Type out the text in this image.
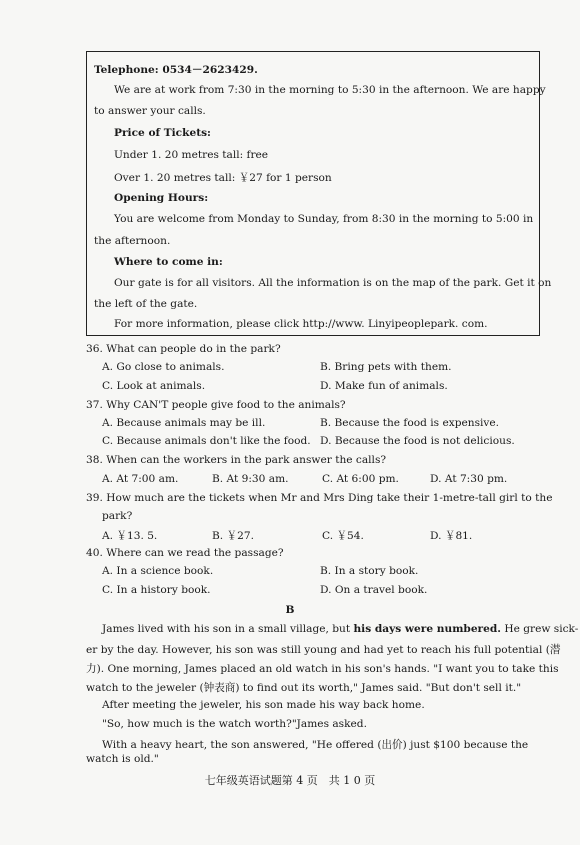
Telephone: 0534－2623429.
We are at work from 7:30 in the morning to 5:30 in the afternoon. We are happy
to answer your calls.
Price of Tickets:
Under 1. 20 metres tall: free
Over 1. 20 metres tall: ￥27 for 1 person
Opening Hours:
You are welcome from Monday to Sunday, from 8:30 in the morning to 5:00 in
the afternoon.
Where to come in:
Our gate is for all visitors. All the information is on the map of the park. Get it on
the left of the gate.
For more information, please click http://www. Linyipeoplepark. com.
36. What can people do in the park?
A. Go close to animals.	B. Bring pets with them.
C. Look at animals.	D. Make fun of animals.
37. Why CAN'T people give food to the animals?
A. Because animals may be ill.	B. Because the food is expensive.
C. Because animals don't like the food. D. Because the food is not delicious.
38. When can the workers in the park answer the calls?
A. At 7:00 am.	B. At 9:30 am.	C. At 6:00 pm.	D. At 7:30 pm.
39. How much are the tickets when Mr and Mrs Ding take their 1-metre-tall girl to the
park?
A. ￥13. 5.	B. ￥27.	C. ￥54.	D. ￥81.
40. Where can we read the passage?
A. In a science book.	B. In a story book.
C. In a history book.	D. On a travel book.
B
James lived with his son in a small village, but his days were numbered. He grew sick-
er by the day. However, his son was still young and had yet to reach his full potential (潜
力). One morning, James placed an old watch in his son's hands. "I want you to take this
watch to the jeweler (钟表商) to find out its worth," James said. "But don't sell it."
After meeting the jeweler, his son made his way back home.
"So, how much is the watch worth?"James asked.
With a heavy heart, the son answered, "He offered (出价) just $100 because the
watch is old."
七年级英语试题第 4 页　共 1 0 页
